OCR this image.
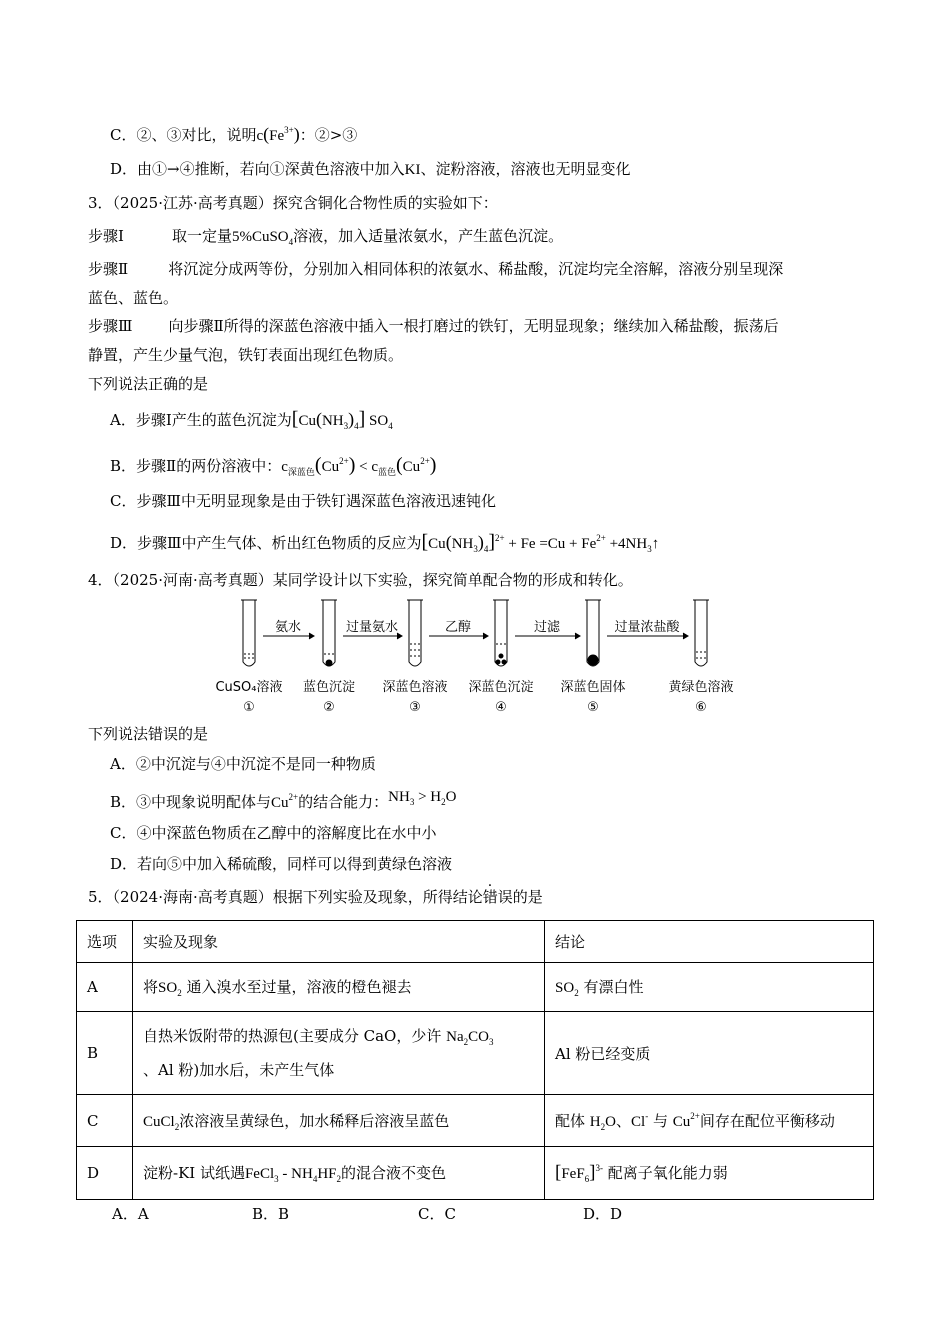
C．②、③对比，说明$c(Fe^{3+})$：②>③
D．由①→④推断，若向①深黄色溶液中加入KI、淀粉溶液，溶液也无明显变化
3．（2025·江苏·高考真题）探究含铜化合物性质的实验如下：
步骤Ⅰ	取一定量5%CuSO$_4$溶液，加入适量浓氨水，产生蓝色沉淀。
步骤Ⅱ	将沉淀分成两等份，分别加入相同体积的浓氨水、稀盐酸，沉淀均完全溶解，溶液分别呈现深
蓝色、蓝色。
步骤Ⅲ 向步骤Ⅱ所得的深蓝色溶液中插入一根打磨过的铁钉，无明显现象；继续加入稀盐酸，振荡后
静置，产生少量气泡，铁钉表面出现红色物质。
下列说法正确的是
A．步骤Ⅰ产生的蓝色沉淀为$[Cu(NH_3)_4]$ $SO_4$
B．步骤Ⅱ的两份溶液中：$c_{深蓝色}(Cu^{2+}) < c_{蓝色}(Cu^{2+})$
C．步骤Ⅲ中无明显现象是由于铁钉遇深蓝色溶液迅速钝化
D．步骤Ⅲ中产生气体、析出红色物质的反应为$[Cu(NH_3)_4]^{2+} + Fe =Cu + Fe^{2+}$ $+4NH_3↑$
4．（2025·河南·高考真题）某同学设计以下实验，探究简单配合物的形成和转化。
氨水	过量氨水	乙醇	过滤	过量浓盐酸
CuSO₄溶液 蓝色沉淀 深蓝色溶液 深蓝色沉淀 深蓝色固体	黄绿色溶液
①	②	③	④	⑤	⑥
下列说法错误的是
A．②中沉淀与④中沉淀不是同一种物质
B．③中现象说明配体与$Cu^{2+}$的结合能力：$NH_3 > H_2O$
C．④中深蓝色物质在乙醇中的溶解度比在水中小
D．若向⑤中加入稀硫酸，同样可以得到黄绿色溶液
5．（2024·海南·高考真题）根据下列实验及现象，所得结论错误的是
选项	实验及现象	结论
A	将$SO_2$ 通入溴水至过量，溶液的橙色褪去	$SO_2$ 有漂白性
B	自热米饭附带的热源包(主要成分 CaO，少许 $Na_2CO_3$
、Al 粉)加水后，未产生气体	Al 粉已经变质
C	CuCl$_2$浓溶液呈黄绿色，加水稀释后溶液呈蓝色	配体 $H_2O$、Cl- 与 $Cu^{2+}$间存在配位平衡移动
D	淀粉-KI 试纸遇FeCl$_3$ - $NH_4HF_2$的混合液不变色	$[FeF_6]^{3-}$ 配离子氧化能力弱
A．A	B．B	C．C	D．D
